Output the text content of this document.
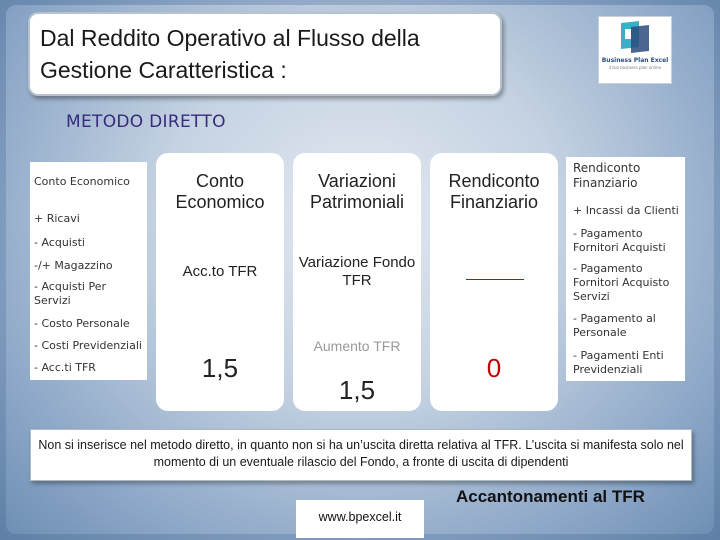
Dal Reddito Operativo al Flusso della Gestione Caratteristica :	Business Plan Excel
il tuo business plan online
METODO DIRETTO
Conto Economico
+ Ricavi
- Acquisti
-/+ Magazzino
- Acquisti Per Servizi
- Costo Personale
- Costi Previdenziali
- Acc.ti TFR
Conto Economico
Acc.to TFR
1,5
Variazioni Patrimoniali
Variazione Fondo TFR
Aumento TFR
1,5
Rendiconto Finanziario
0
Rendiconto Finanziario
+ Incassi da Clienti
- Pagamento Fornitori Acquisti
- Pagamento Fornitori Acquisto Servizi
- Pagamento al Personale
- Pagamenti Enti Previdenziali
Non si inserisce nel metodo diretto, in quanto non si ha un’uscita diretta relativa al TFR. L’uscita si manifesta solo nel momento di un eventuale rilascio del Fondo, a fronte di uscita di dipendenti
Accantonamenti al TFR
www.bpexcel.it
